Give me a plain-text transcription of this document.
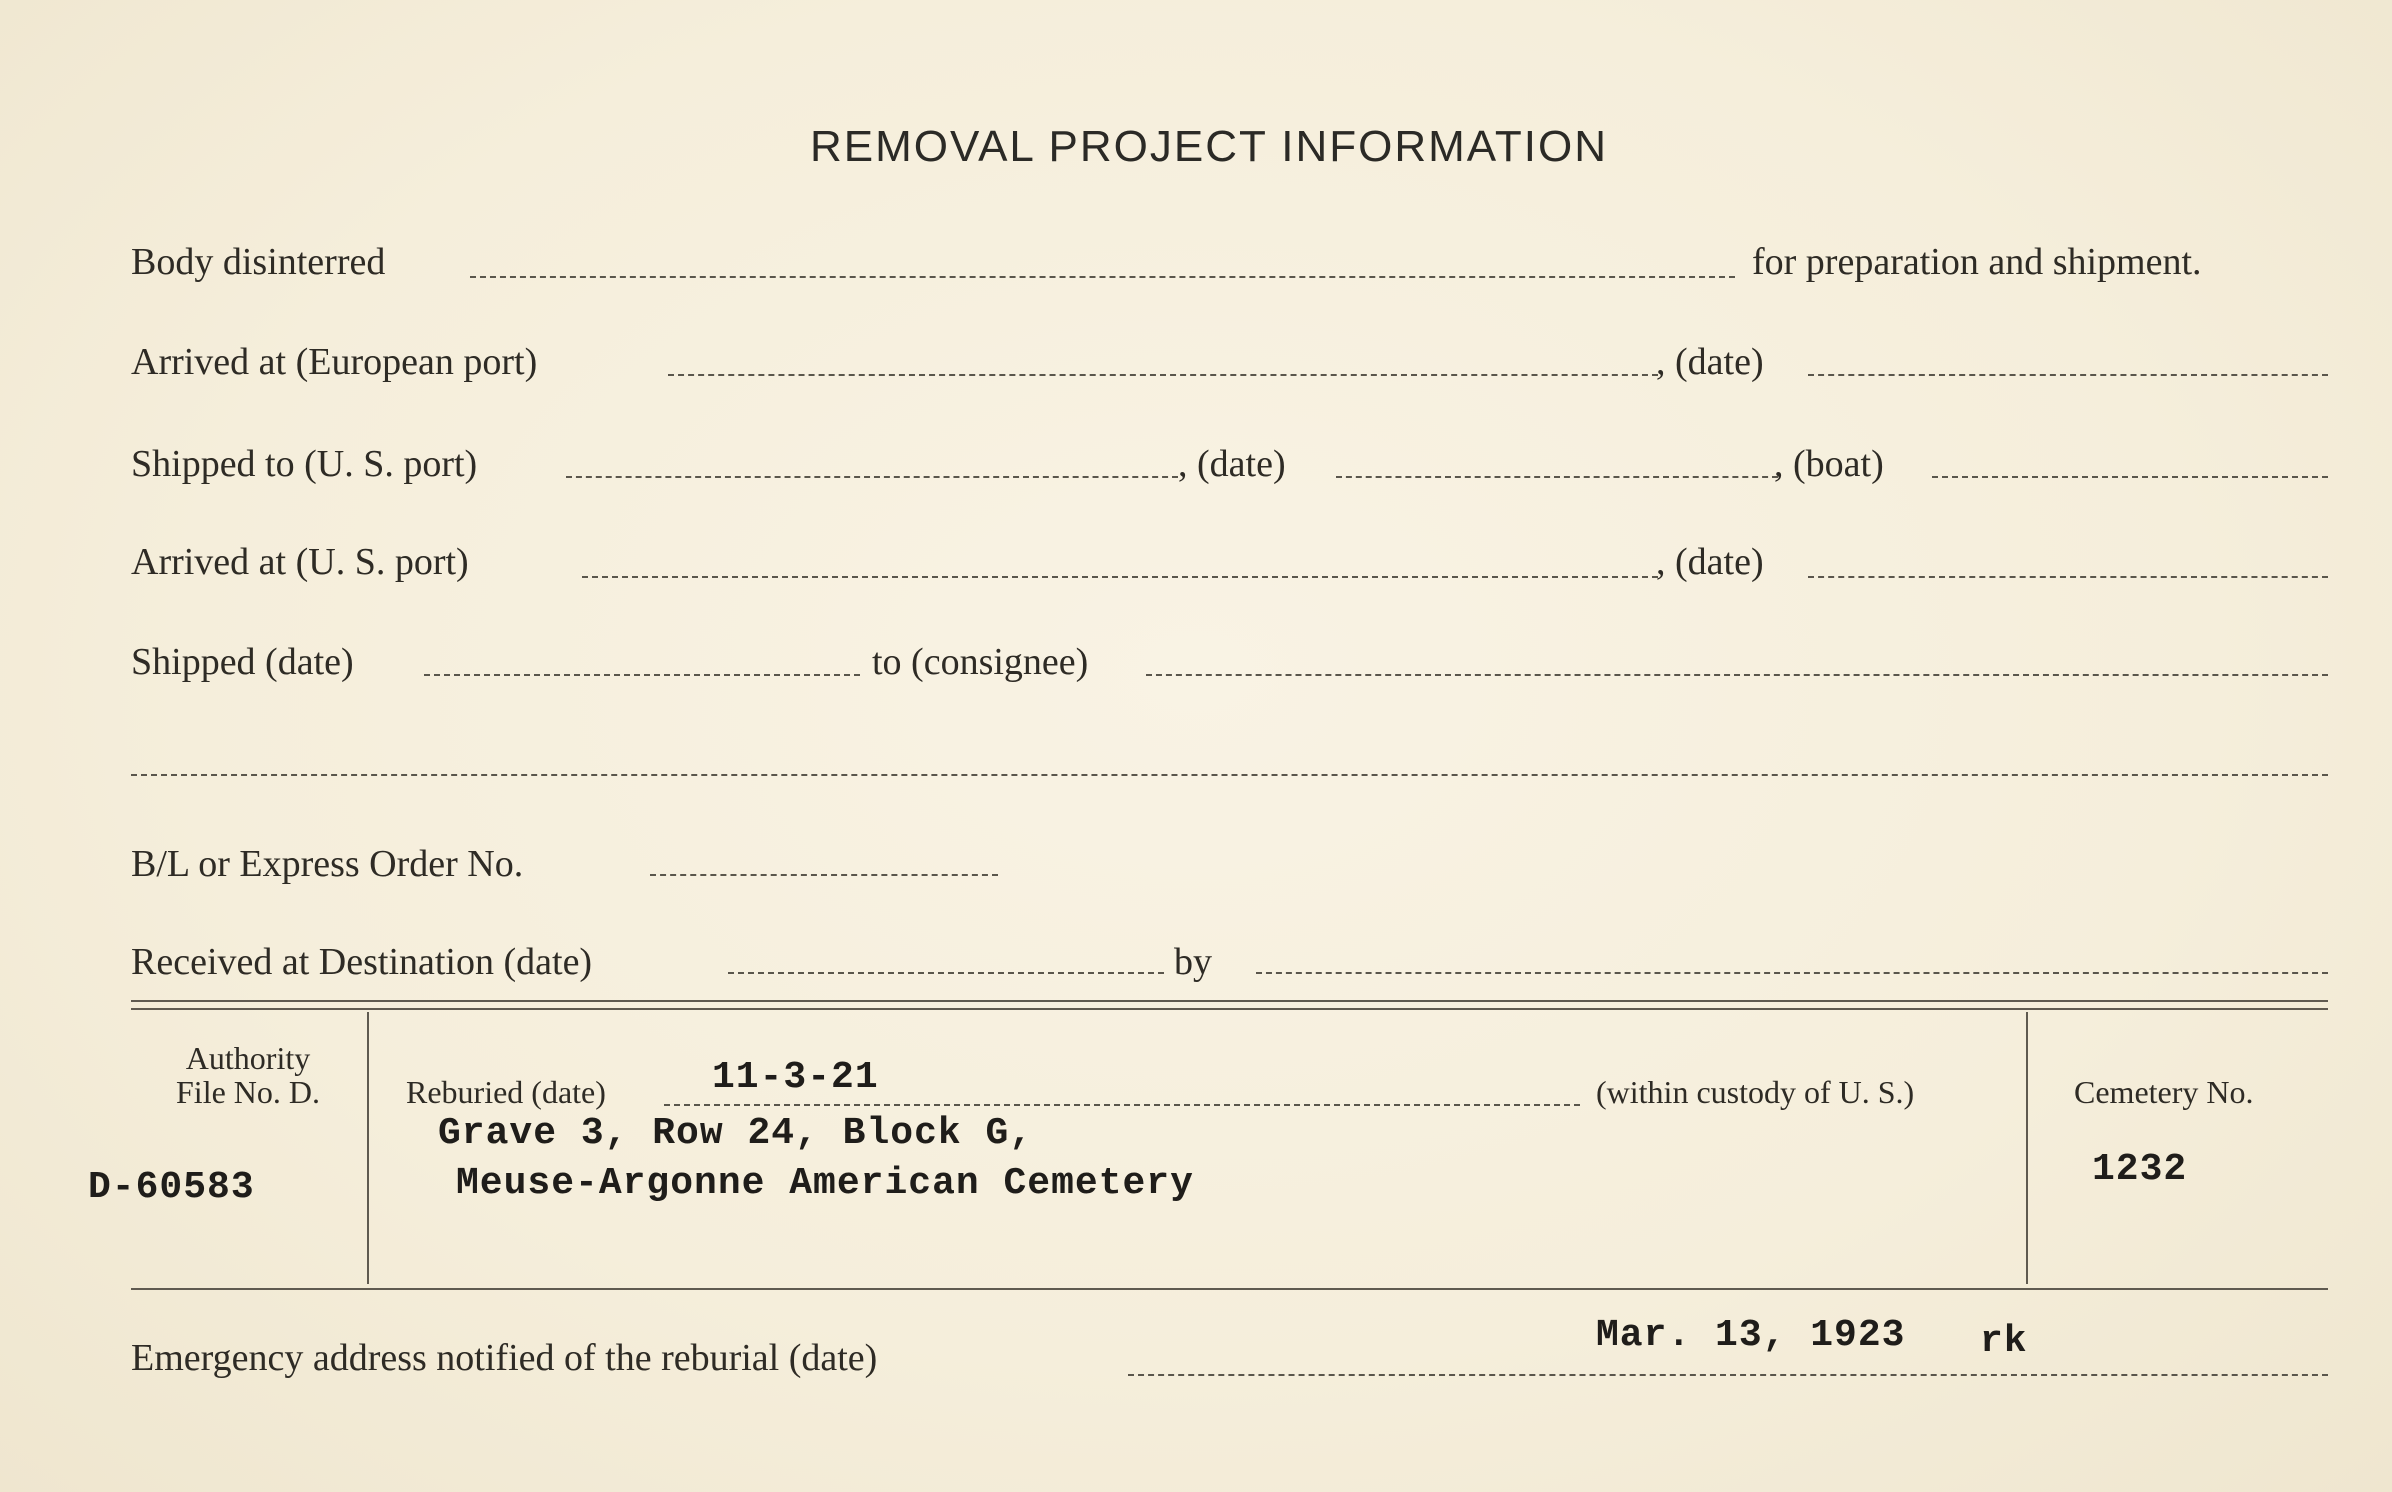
REMOVAL PROJECT INFORMATION
Body disinterred	for preparation and shipment.
Arrived at (European port)	, (date)
Shipped to (U. S. port)	, (date)	, (boat)
Arrived at (U. S. port)	, (date)
Shipped (date)	to (consignee)
B/L or Express Order No.
Received at Destination (date)	by
Authority
File No. D.
D-60583
Reburied (date)	11-3-21	(within custody of U. S.)
Grave 3, Row 24, Block G,
Meuse-Argonne American Cemetery
Cemetery No.
1232
Emergency address notified of the reburial (date)
Mar. 13, 1923 rk
